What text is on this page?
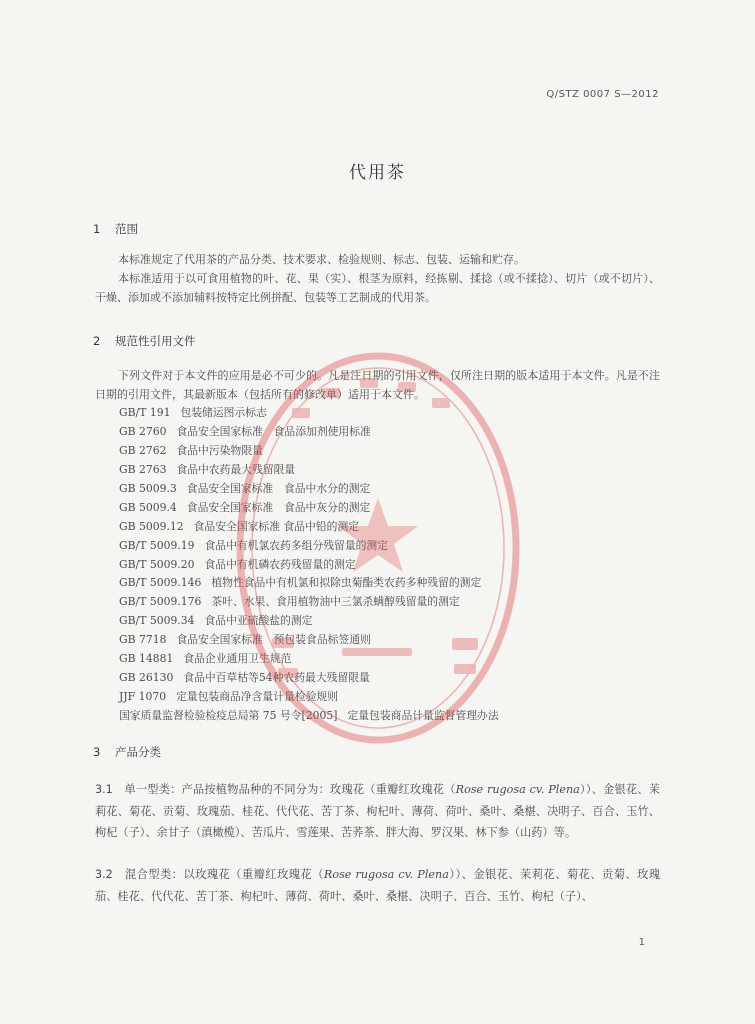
Q/STZ 0007 S—2012
代用茶
1 范围
本标准规定了代用茶的产品分类、技术要求、检验规则、标志、包装、运输和贮存。
本标准适用于以可食用植物的叶、花、果（实）、根茎为原料，经拣剔、揉捻（或不揉捻）、切片（或不切片）、干燥、添加或不添加辅料按特定比例拼配、包装等工艺制成的代用茶。
2 规范性引用文件
下列文件对于本文件的应用是必不可少的。凡是注日期的引用文件，仅所注日期的版本适用于本文件。凡是不注日期的引用文件，其最新版本（包括所有的修改单）适用于本文件。
GB/T 191 包装储运图示标志
GB 2760 食品安全国家标准　食品添加剂使用标准
GB 2762 食品中污染物限量
GB 2763 食品中农药最大残留限量
GB 5009.3 食品安全国家标准　食品中水分的测定
GB 5009.4 食品安全国家标准　食品中灰分的测定
GB 5009.12 食品安全国家标准 食品中铅的测定
GB/T 5009.19 食品中有机氯农药多组分残留量的测定
GB/T 5009.20 食品中有机磷农药残留量的测定
GB/T 5009.146 植物性食品中有机氯和拟除虫菊酯类农药多种残留的测定
GB/T 5009.176 茶叶、水果、食用植物油中三氯杀螨醇残留量的测定
GB/T 5009.34 食品中亚硫酸盐的测定
GB 7718 食品安全国家标准　预包装食品标签通则
GB 14881 食品企业通用卫生规范
GB 26130 食品中百草枯等54种农药最大残留限量
JJF 1070 定量包装商品净含量计量检验规则
国家质量监督检验检疫总局第 75 号令[2005] 定量包装商品计量监督管理办法
3 产品分类
3.1　单一型类：产品按植物品种的不同分为：玫瑰花（重瓣红玫瑰花（Rose rugosa cv. Plena））、金银花、茉莉花、菊花、贡菊、玫瑰茄、桂花、代代花、苦丁茶、枸杞叶、薄荷、荷叶、桑叶、桑椹、决明子、百合、玉竹、枸杞（子）、余甘子（滇橄榄）、苦瓜片、雪莲果、苦荞茶、胖大海、罗汉果、林下参（山药）等。
3.2　混合型类：以玫瑰花（重瓣红玫瑰花（Rose rugosa cv. Plena））、金银花、茉莉花、菊花、贡菊、玫瑰茄、桂花、代代花、苦丁茶、枸杞叶、薄荷、荷叶、桑叶、桑椹、决明子、百合、玉竹、枸杞（子）、
1
